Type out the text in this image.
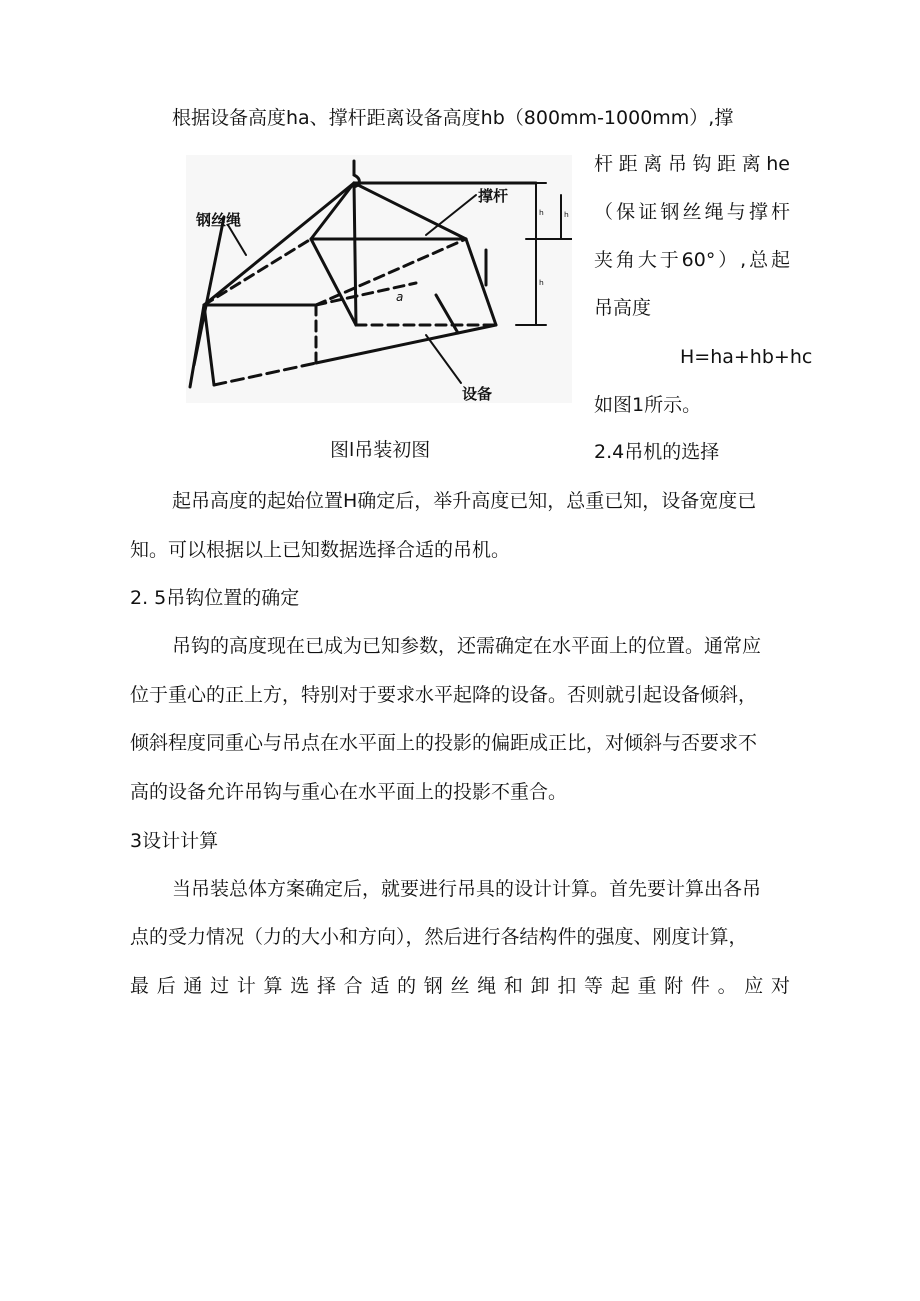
根据设备高度ha、撑杆距离设备高度hb（800mm-1000mm）,撑
杆距离吊钩距离he
（保证钢丝绳与撑杆
夹角大于60°）,总起
吊高度
H=ha+hb+hc
如图1所示。
钢丝绳
撑杆
设备
a
ₕ
ₕ
ₕ
图l吊装初图	2.4吊机的选择
起吊高度的起始位置H确定后，举升高度已知，总重已知，设备宽度已
知。可以根据以上已知数据选择合适的吊机。
2. 5吊钩位置的确定
吊钩的高度现在已成为已知参数，还需确定在水平面上的位置。通常应
位于重心的正上方，特别对于要求水平起降的设备。否则就引起设备倾斜，
倾斜程度同重心与吊点在水平面上的投影的偏距成正比，对倾斜与否要求不
高的设备允许吊钩与重心在水平面上的投影不重合。
3设计计算
当吊装总体方案确定后，就要进行吊具的设计计算。首先要计算出各吊
点的受力情况（力的大小和方向），然后进行各结构件的强度、刚度计算，
最后通过计算选择合适的钢丝绳和卸扣等起重附件。应对
